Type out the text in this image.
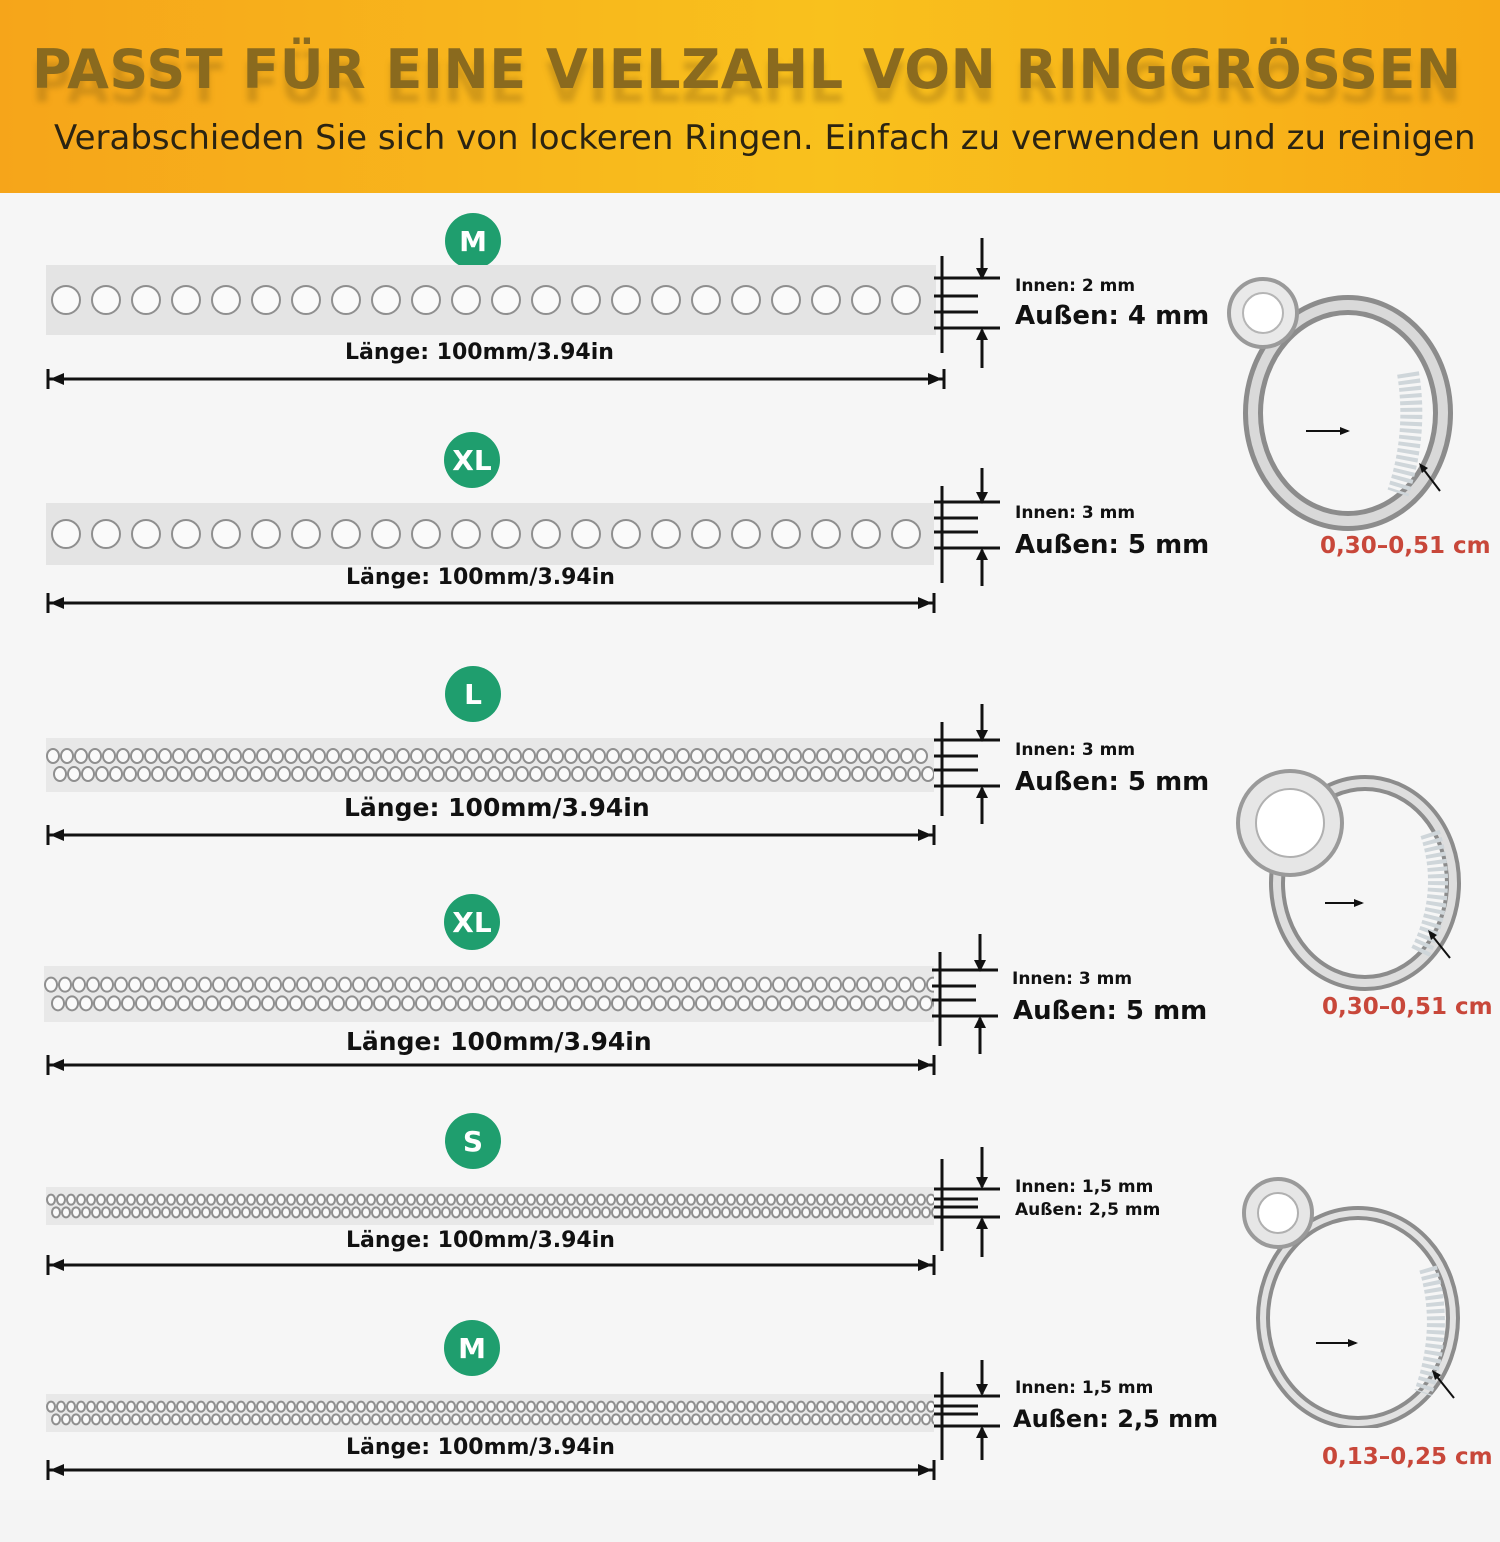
PASST FÜR EINE VIELZAHL VON RINGGRÖSSEN
Verabschieden Sie sich von lockeren Ringen. Einfach zu verwenden und zu reinigen
M
Länge: 100mm/3.94in
Innen: 2 mm
Außen: 4 mm
XL
Länge: 100mm/3.94in
Innen: 3 mm
Außen: 5 mm
L
Länge: 100mm/3.94in
Innen: 3 mm
Außen: 5 mm
XL
Länge: 100mm/3.94in
Innen: 3 mm
Außen: 5 mm
S
Länge: 100mm/3.94in
Innen: 1,5 mm
Außen: 2,5 mm
M
Länge: 100mm/3.94in
Innen: 1,5 mm
Außen: 2,5 mm
0,30–0,51 cm
0,30–0,51 cm
0,13–0,25 cm
